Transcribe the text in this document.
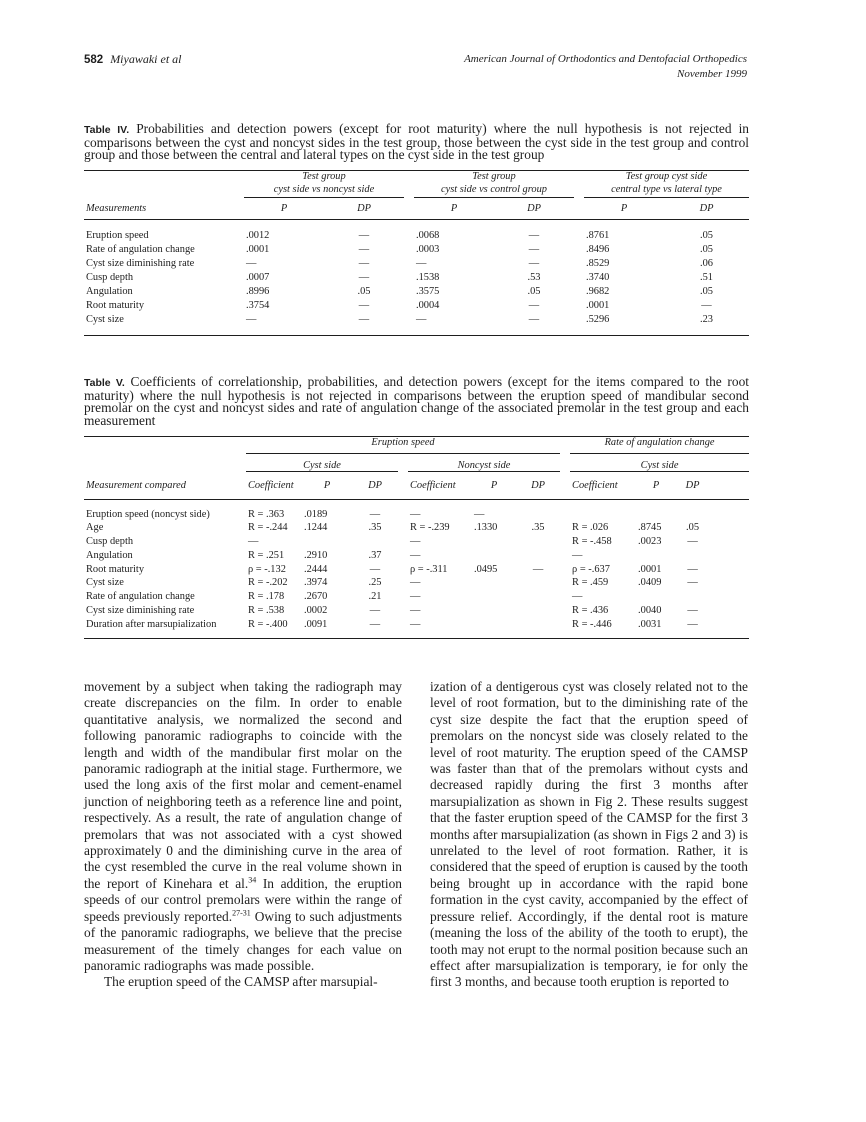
582 Miyawaki et al	American Journal of Orthodontics and Dentofacial Orthopedics
November 1999
Table IV. Probabilities and detection powers (except for root maturity) where the null hypothesis is not rejected in comparisons between the cyst and noncyst sides in the test group, those between the cyst side in the test group and control group and those between the central and lateral types on the cyst side in the test group
	Test group			Test group			Test group cyst side	
	cyst side vs noncyst side			cyst side vs control group			central type vs lateral type	
Measurements	P	DP		P	DP		P	DP

Eruption speed	.0012	—		.0068	—		.8761	.05
Rate of angulation change	.0001	—		.0003	—		.8496	.05
Cyst size diminishing rate	—	—		—	—		.8529	.06
Cusp depth	.0007	—		.1538	.53		.3740	.51
Angulation	.8996	.05		.3575	.05		.9682	.05
Root maturity	.3754	—		.0004	—		.0001	—
Cyst size	—	—		—	—		.5296	.23

Table V. Coefficients of correlationship, probabilities, and detection powers (except for the items compared to the root maturity) where the null hypothesis is not rejected in comparisons between the eruption speed of mandibular second premolar on the cyst and noncyst sides and rate of angulation change of the associated premolar in the test group and each measurement
	Eruption speed								Rate of angulation change			
	Cyst side				Noncyst side				Cyst side			
Measurement compared	Coefficient	P	DP		Coefficient	P	DP		Coefficient	P	DP	

Eruption speed (noncyst side)	R = .363	.0189	—		—	—						
Age	R = -.244	.1244	.35		R = -.239	.1330	.35		R = .026	.8745	.05	
Cusp depth	—				—				R = -.458	.0023	—	
Angulation	R = .251	.2910	.37		—				—			
Root maturity	ρ = -.132	.2444	—		ρ = -.311	.0495	—		ρ = -.637	.0001	—	
Cyst size	R = -.202	.3974	.25		—				R = .459	.0409	—	
Rate of angulation change	R = .178	.2670	.21		—				—			
Cyst size diminishing rate	R = .538	.0002	—		—				R = .436	.0040	—	
Duration after marsupialization	R = -.400	.0091	—		—				R = -.446	.0031	—	

movement by a subject when taking the radiograph may create discrepancies on the film. In order to enable quantitative analysis, we normalized the second and following panoramic radiographs to coincide with the length and width of the mandibular first molar on the panoramic radiograph at the initial stage. Furthermore, we used the long axis of the first molar and cement-enamel junction of neighboring teeth as a reference line and point, respectively. As a result, the rate of angulation change of premolars that was not associated with a cyst showed approximately 0 and the diminishing curve in the area of the cyst resembled the curve in the real volume shown in the report of Kinehara et al.$^{34}$ In addition, the eruption speeds of our control premolars were within the range of speeds previously reported.$^{27-31}$ Owing to such adjustments of the panoramic radiographs, we believe that the precise measurement of the timely changes for each value on panoramic radiographs was made possible.

The eruption speed of the CAMSP after marsupial-

ization of a dentigerous cyst was closely related not to the level of root formation, but to the diminishing rate of the cyst size despite the fact that the eruption speed of premolars on the noncyst side was closely related to the level of root maturity. The eruption speed of the CAMSP was faster than that of the premolars without cysts and decreased rapidly during the first 3 months after marsupialization as shown in Fig 2. These results suggest that the faster eruption speed of the CAMSP for the first 3 months after marsupialization (as shown in Figs 2 and 3) is unrelated to the level of root formation. Rather, it is considered that the speed of eruption is caused by the tooth being brought up in accordance with the rapid bone formation in the cyst cavity, accompanied by the effect of pressure relief. Accordingly, if the dental root is mature (meaning the loss of the ability of the tooth to erupt), the tooth may not erupt to the normal position because such an effect after marsupialization is temporary, ie for only the first 3 months, and because tooth eruption is reported to
